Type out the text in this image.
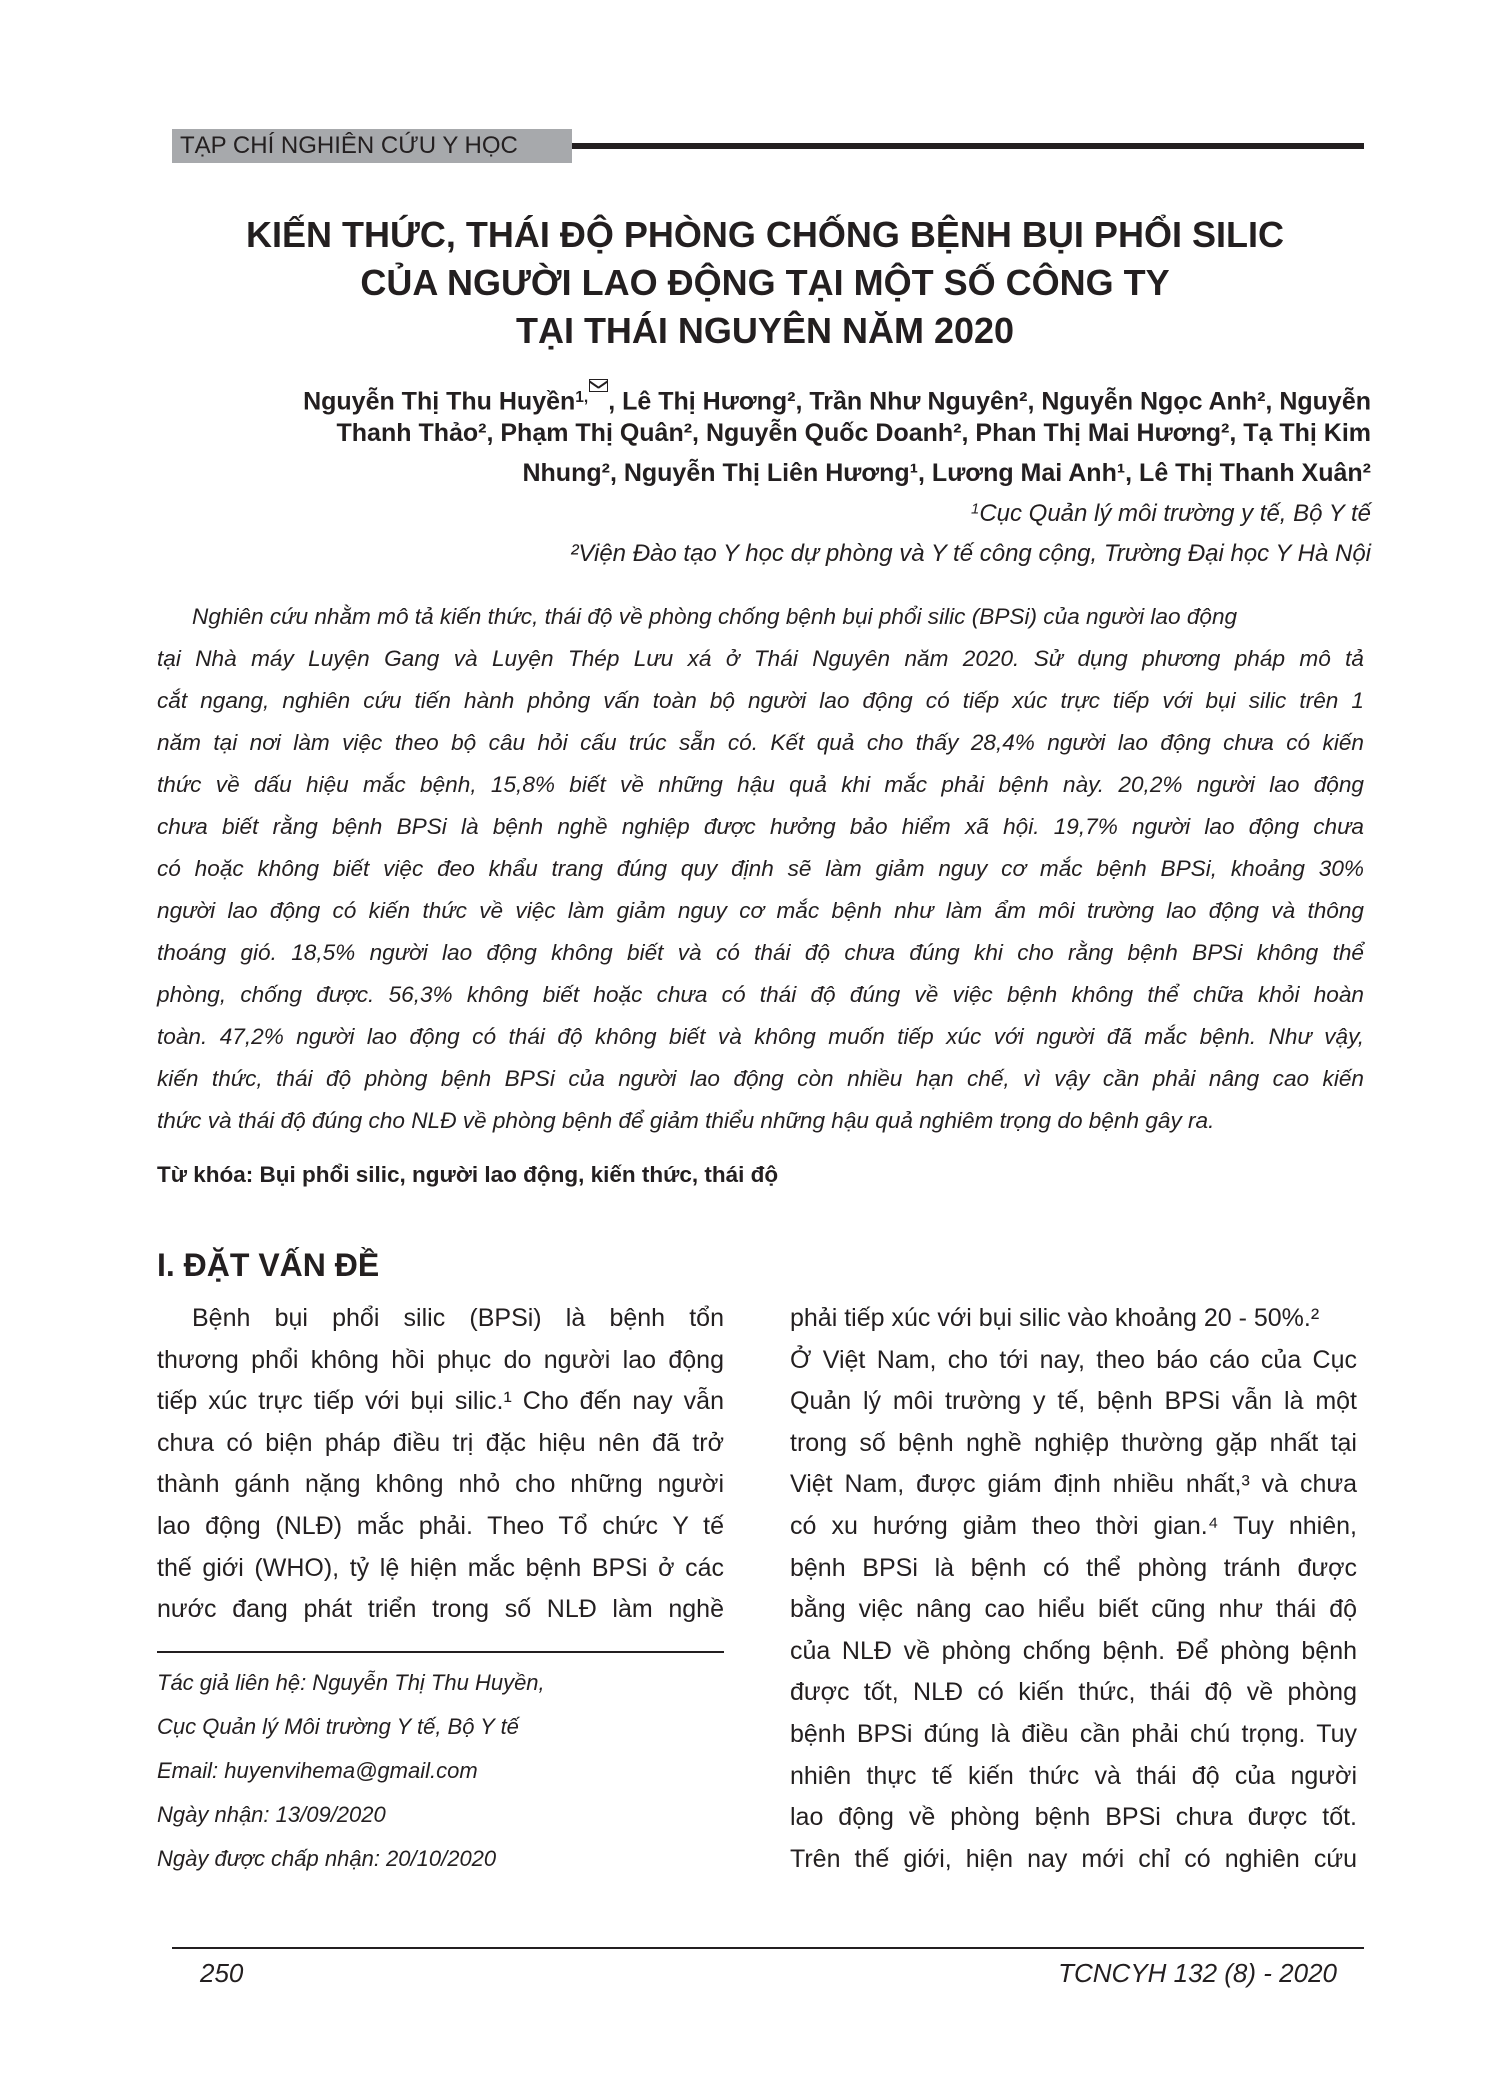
TẠP CHÍ NGHIÊN CỨU Y HỌC
KIẾN THỨC, THÁI ĐỘ PHÒNG CHỐNG BỆNH BỤI PHỔI SILIC
CỦA NGƯỜI LAO ĐỘNG TẠI MỘT SỐ CÔNG TY
TẠI THÁI NGUYÊN NĂM 2020
Nguyễn Thị Thu Huyền$^{1,}$ , Lê Thị Hương², Trần Như Nguyên², Nguyễn Ngọc Anh², Nguyễn
Thanh Thảo², Phạm Thị Quân², Nguyễn Quốc Doanh², Phan Thị Mai Hương², Tạ Thị Kim
Nhung², Nguyễn Thị Liên Hương¹, Lương Mai Anh¹, Lê Thị Thanh Xuân²
$^1$Cục Quản lý môi trường y tế, Bộ Y tế
²Viện Đào tạo Y học dự phòng và Y tế công cộng, Trường Đại học Y Hà Nội
Nghiên cứu nhằm mô tả kiến thức, thái độ về phòng chống bệnh bụi phổi silic (BPSi) của người lao động
tại Nhà máy Luyện Gang và Luyện Thép Lưu xá ở Thái Nguyên năm 2020. Sử dụng phương pháp mô tả
cắt ngang, nghiên cứu tiến hành phỏng vấn toàn bộ người lao động có tiếp xúc trực tiếp với bụi silic trên 1
năm tại nơi làm việc theo bộ câu hỏi cấu trúc sẵn có. Kết quả cho thấy 28,4% người lao động chưa có kiến
thức về dấu hiệu mắc bệnh, 15,8% biết về những hậu quả khi mắc phải bệnh này. 20,2% người lao động
chưa biết rằng bệnh BPSi là bệnh nghề nghiệp được hưởng bảo hiểm xã hội. 19,7% người lao động chưa
có hoặc không biết việc đeo khẩu trang đúng quy định sẽ làm giảm nguy cơ mắc bệnh BPSi, khoảng 30%
người lao động có kiến thức về việc làm giảm nguy cơ mắc bệnh như làm ẩm môi trường lao động và thông
thoáng gió. 18,5% người lao động không biết và có thái độ chưa đúng khi cho rằng bệnh BPSi không thể
phòng, chống được. 56,3% không biết hoặc chưa có thái độ đúng về việc bệnh không thể chữa khỏi hoàn
toàn. 47,2% người lao động có thái độ không biết và không muốn tiếp xúc với người đã mắc bệnh. Như vậy,
kiến thức, thái độ phòng bệnh BPSi của người lao động còn nhiều hạn chế, vì vậy cần phải nâng cao kiến
thức và thái độ đúng cho NLĐ về phòng bệnh để giảm thiểu những hậu quả nghiêm trọng do bệnh gây ra.
Từ khóa: Bụi phổi silic, người lao động, kiến thức, thái độ
I. ĐẶT VẤN ĐỀ
Bệnh bụi phổi silic (BPSi) là bệnh tổn
thương phổi không hồi phục do người lao động
tiếp xúc trực tiếp với bụi silic.¹ Cho đến nay vẫn
chưa có biện pháp điều trị đặc hiệu nên đã trở
thành gánh nặng không nhỏ cho những người
lao động (NLĐ) mắc phải. Theo Tổ chức Y tế
thế giới (WHO), tỷ lệ hiện mắc bệnh BPSi ở các
nước đang phát triển trong số NLĐ làm nghề
Tác giả liên hệ: Nguyễn Thị Thu Huyền,
Cục Quản lý Môi trường Y tế, Bộ Y tế
Email: huyenvihema@gmail.com
Ngày nhận: 13/09/2020
Ngày được chấp nhận: 20/10/2020
phải tiếp xúc với bụi silic vào khoảng 20 - 50%.²
Ở Việt Nam, cho tới nay, theo báo cáo của Cục
Quản lý môi trường y tế, bệnh BPSi vẫn là một
trong số bệnh nghề nghiệp thường gặp nhất tại
Việt Nam, được giám định nhiều nhất,³ và chưa
có xu hướng giảm theo thời gian.⁴ Tuy nhiên,
bệnh BPSi là bệnh có thể phòng tránh được
bằng việc nâng cao hiểu biết cũng như thái độ
của NLĐ về phòng chống bệnh. Để phòng bệnh
được tốt, NLĐ có kiến thức, thái độ về phòng
bệnh BPSi đúng là điều cần phải chú trọng. Tuy
nhiên thực tế kiến thức và thái độ của người
lao động về phòng bệnh BPSi chưa được tốt.
Trên thế giới, hiện nay mới chỉ có nghiên cứu
250	TCNCYH 132 (8) - 2020
